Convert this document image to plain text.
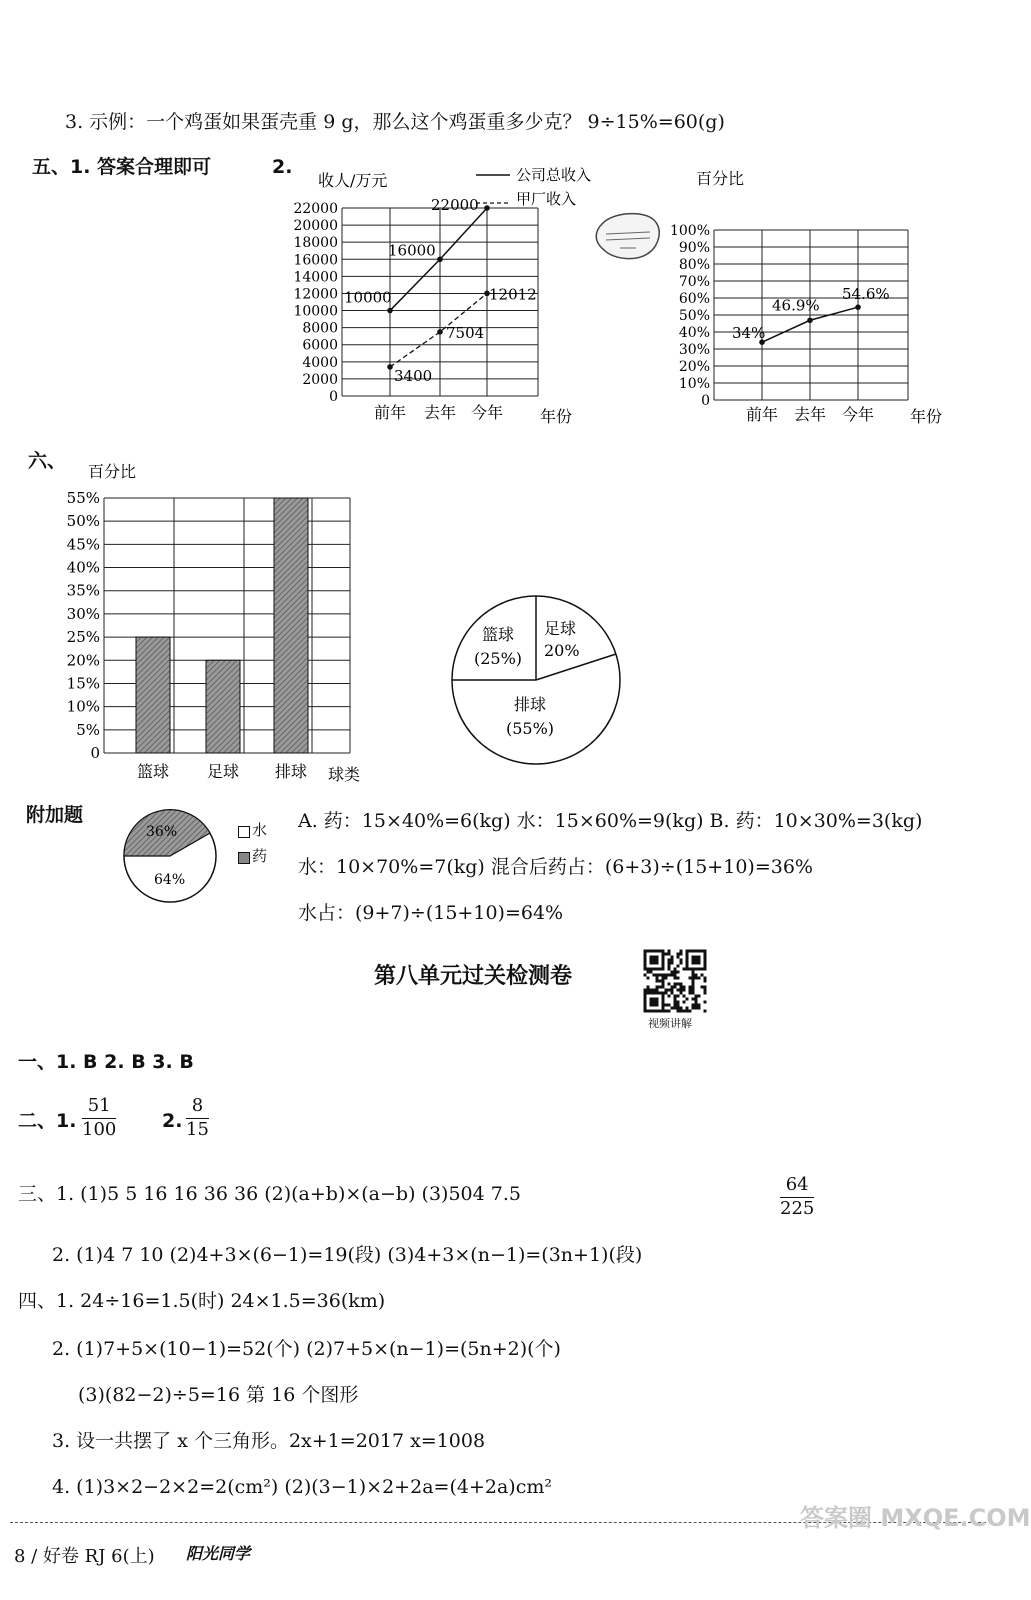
3. 示例：一个鸡蛋如果蛋壳重 9 g，那么这个鸡蛋重多少克？ 9÷15%=60(g)
五、1. 答案合理即可	2.
收人/万元
年份
公司总收入
甲厂收入
0
2000
4000
6000
8000
10000
12000
14000
16000
18000
20000
22000
前年 去年 今年
10000
16000
22000
3400
7504
12012
百分比
年份
0
10%
20%
30%
40%
50%
60%
70%
80%
90%
100%
前年 去年 今年
34%
46.9%
54.6%
六、 百分比
球类
0
5%
10%
15%
20%
25%
30%
35%
40%
45%
50%
55%
篮球 足球 排球
篮球
(25%)
足球
20%
排球
(55%)
附加题
36%
64%
水
药
A. 药：15×40%=6(kg) 水：15×60%=9(kg) B. 药：10×30%=3(kg)
水：10×70%=7(kg) 混合后药占：(6+3)÷(15+10)=36%
水占：(9+7)÷(15+10)=64%
第八单元过关检测卷
视频讲解
一、1. B 2. B 3. B
二、1. $\frac{51}{100} 2$. $\frac{8}{15}$
三、1. (1)5 5 16 16 36 36 (2)(a+b)×(a−b) (3)504 7.5	$\frac{64}{225}$
2. (1)4 7 10 (2)4+3×(6−1)=19(段) (3)4+3×(n−1)=(3n+1)(段)
四、1. 24÷16=1.5(时) 24×1.5=36(km)
2. (1)7+5×(10−1)=52(个) (2)7+5×(n−1)=(5n+2)(个)
(3)(82−2)÷5=16 第 16 个图形
3. 设一共摆了 x 个三角形。2x+1=2017 x=1008
4. (1)3×2−2×2=2(cm²) (2)(3−1)×2+2a=(4+2a)cm²
8 / 好卷 RJ 6(上) 阳光同学
答案圈 MXQE.COM
